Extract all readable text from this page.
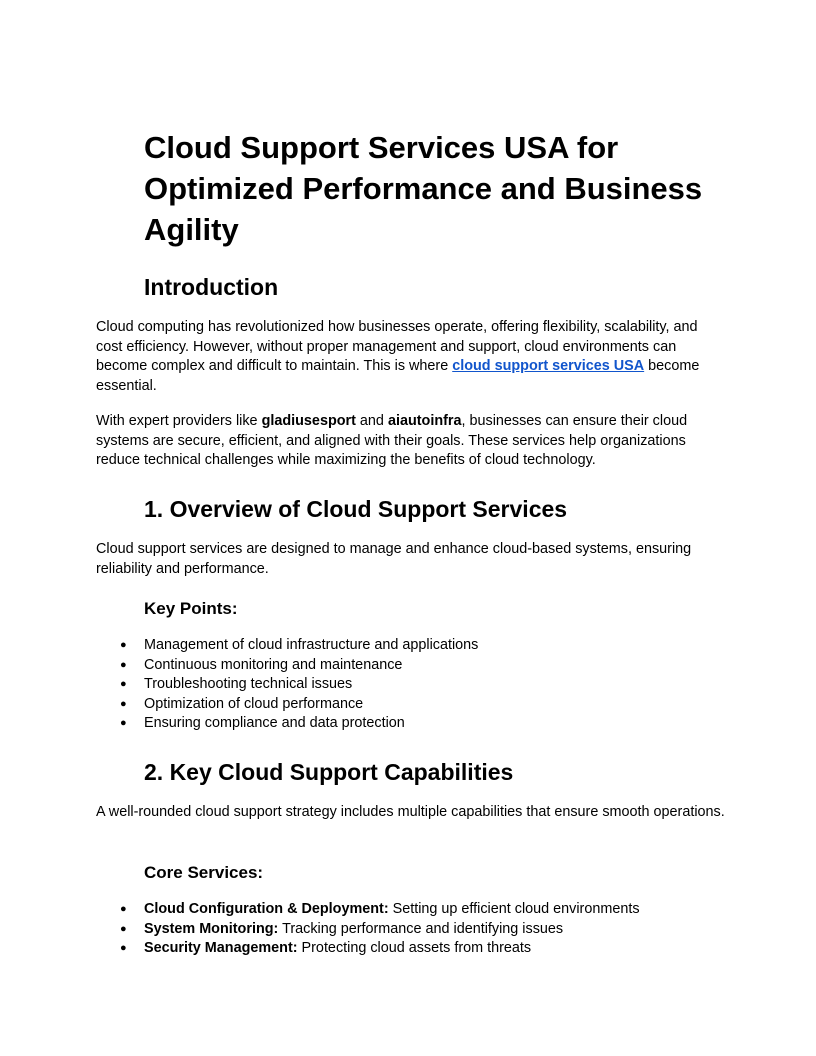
Cloud Support Services USA for Optimized Performance and Business Agility
Introduction

Cloud computing has revolutionized how businesses operate, offering flexibility, scalability, and cost efficiency. However, without proper management and support, cloud environments can become complex and difficult to maintain. This is where cloud support services USA become essential.

With expert providers like gladiusesport and aiautoinfra, businesses can ensure their cloud systems are secure, efficient, and aligned with their goals. These services help organizations reduce technical challenges while maximizing the benefits of cloud technology.

1. Overview of Cloud Support Services

Cloud support services are designed to manage and enhance cloud-based systems, ensuring reliability and performance.

Key Points:
● Management of cloud infrastructure and applications
● Continuous monitoring and maintenance
● Troubleshooting technical issues
● Optimization of cloud performance
● Ensuring compliance and data protection
2. Key Cloud Support Capabilities

A well-rounded cloud support strategy includes multiple capabilities that ensure smooth operations.

Core Services:
● Cloud Configuration & Deployment: Setting up efficient cloud environments
● System Monitoring: Tracking performance and identifying issues
● Security Management: Protecting cloud assets from threats
